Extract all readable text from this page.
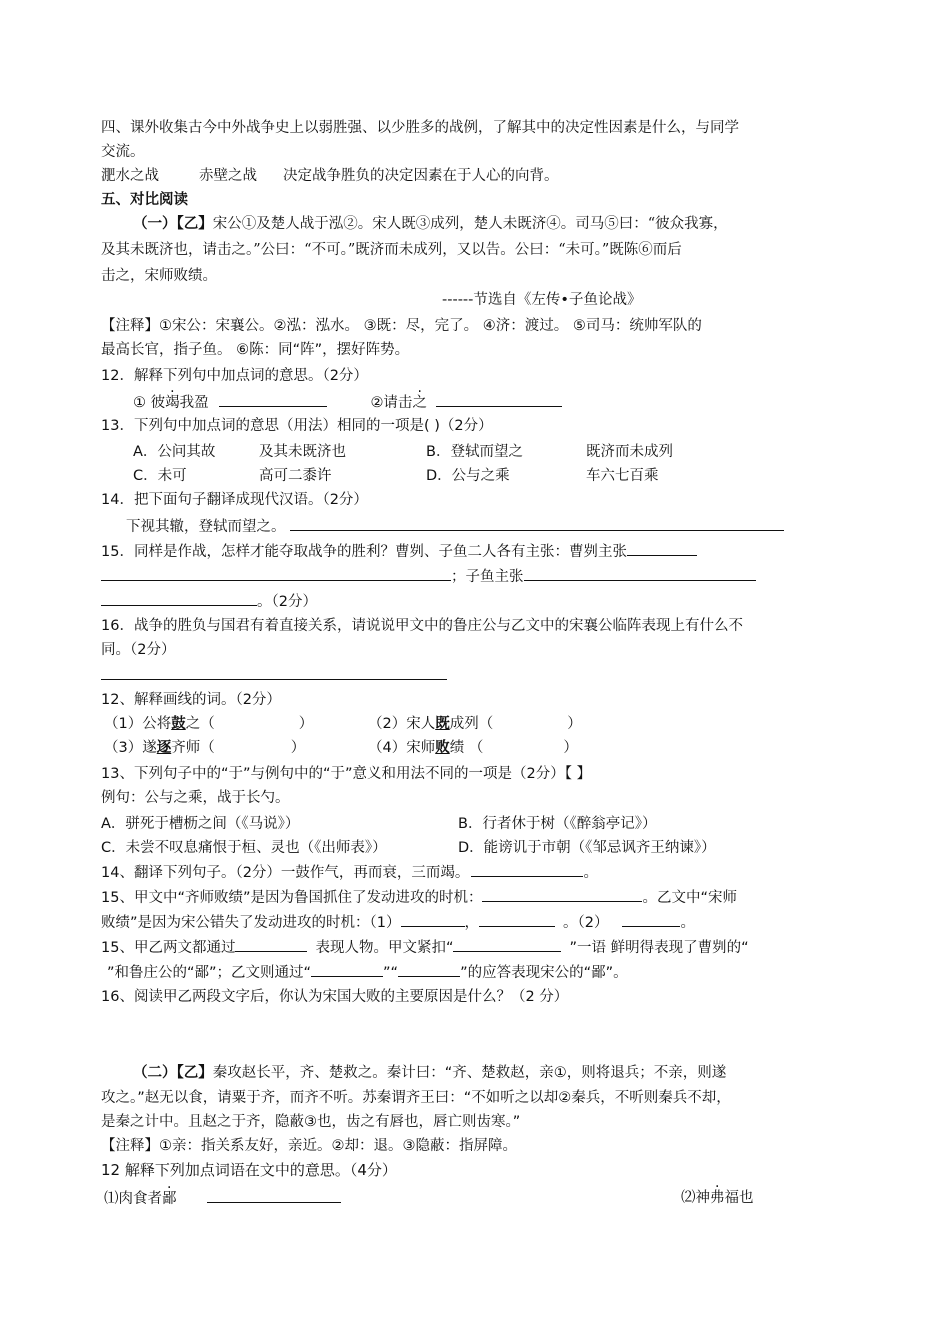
四、课外收集古今中外战争史上以弱胜强、以少胜多的战例，了解其中的决定性因素是什么，与同学
交流。
淝水之战	赤壁之战 决定战争胜负的决定因素在于人心的向背。
五、对比阅读
（一）【乙】宋公①及楚人战于泓②。宋人既③成列，楚人未既济④。司马⑤曰：“彼众我寡，
及其未既济也，请击之。”公曰：“不可。”既济而未成列，又以告。公曰：“未可。”既陈⑥而后
击之，宋师败绩。
------节选自《左传•子鱼论战》
【注释】①宋公：宋襄公。②泓：泓水。 ③既：尽，完了。 ④济：渡过。 ⑤司马：统帅军队的
最高长官，指子鱼。 ⑥陈：同“阵”，摆好阵势。
12．解释下列句中加点词的意思。（2分）
① 彼竭我盈	②请击之
13．下列句中加点词的意思（用法）相同的一项是( )（2分）
A．公问其故	及其未既济也	B．登轼而望之	既济而未成列
C．未可	高可二黍许	D．公与之乘	车六七百乘
14．把下面句子翻译成现代汉语。（2分）
下视其辙，登轼而望之。
15．同样是作战，怎样才能夺取战争的胜利？曹刿、子鱼二人各有主张：曹刿主张
；子鱼主张
。（2分）
16．战争的胜负与国君有着直接关系，请说说甲文中的鲁庄公与乙文中的宋襄公临阵表现上有什么不
同。（2分）
12、解释画线的词。（2分）
（1）公将鼓之（	）	（2）宋人既成列（	）
（3）遂逐齐师（	）	（4）宋师败绩 （	）
13、下列句子中的“于”与例句中的“于”意义和用法不同的一项是（2分）【 】
例句：公与之乘，战于长勺。
A．骈死于槽枥之间（《马说》）	B．行者休于树（《醉翁亭记》）
C．未尝不叹息痛恨于桓、灵也（《出师表》）	D．能谤讥于市朝（《邹忌讽齐王纳谏》）
14、翻译下列句子。（2分）一鼓作气，再而衰，三而竭。	。
15、甲文中“齐师败绩”是因为鲁国抓住了发动进攻的时机：	。乙文中“宋师
败绩”是因为宋公错失了发动进攻的时机：（1）	，	。（2）	。
15、甲乙两文都通过	表现人物。甲文紧扣“	”一语 鲜明得表现了曹刿的“
”和鲁庄公的“鄙”；乙文则通过“	”“	”的应答表现宋公的“鄙”。
16、阅读甲乙两段文字后，你认为宋国大败的主要原因是什么？（2 分）
（二）【乙】秦攻赵长平，齐、楚救之。秦计曰：“齐、楚救赵，亲①，则将退兵；不亲，则遂
攻之。”赵无以食，请粟于齐，而齐不听。苏秦谓齐王曰：“不如听之以却②秦兵，不听则秦兵不却，
是秦之计中。且赵之于齐，隐蔽③也，齿之有唇也，唇亡则齿寒。”
【注释】①亲：指关系友好，亲近。②却：退。③隐蔽：指屏障。
12 解释下列加点词语在文中的意思。（4分）
⑴肉食者鄙	⑵神弗福也
